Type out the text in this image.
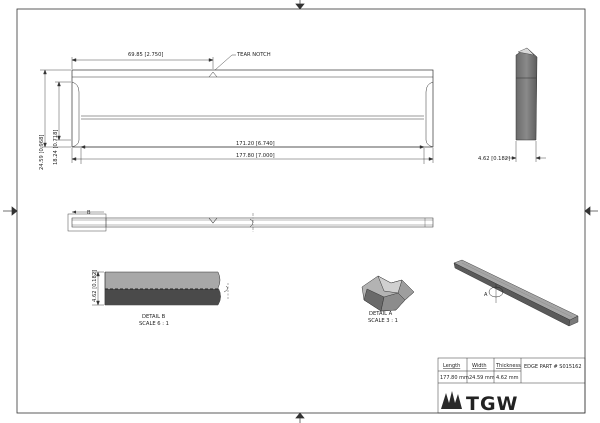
69.85 [2.750]	TEAR NOTCH
171.20 [6.740]
177.80 [7.000]
24.59 [0.968] 18.24 [0.718]	4.62 [0.182]
B
4.62 [0.182]
DETAIL B
SCALE 6 : 1
DETAIL A
SCALE 3 : 1
A
Length Width Thickness
177.80 mm 24.59 mm 4.62 mm
EDGE PART # S015162
TGW
